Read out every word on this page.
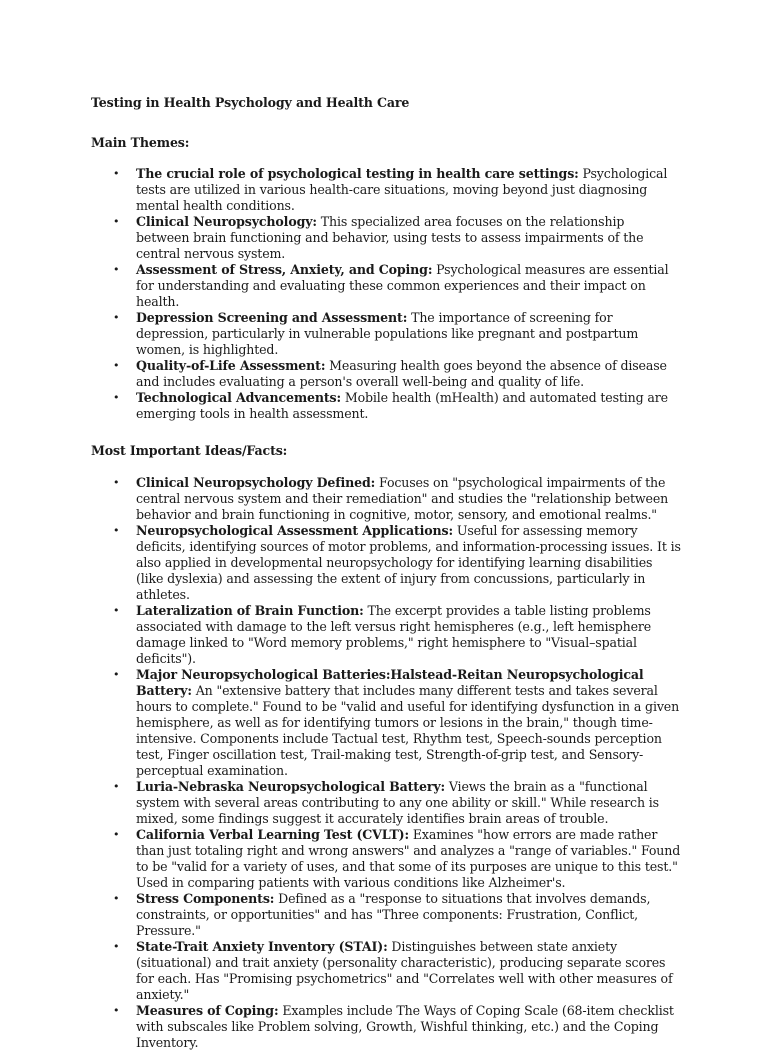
Testing in Health Psychology and Health Care
Main Themes:
• The crucial role of psychological testing in health care settings: Psychological tests are utilized in various health-care situations, moving beyond just diagnosing mental health conditions.
• Clinical Neuropsychology: This specialized area focuses on the relationship between brain functioning and behavior, using tests to assess impairments of the central nervous system.
• Assessment of Stress, Anxiety, and Coping: Psychological measures are essential for understanding and evaluating these common experiences and their impact on health.
• Depression Screening and Assessment: The importance of screening for depression, particularly in vulnerable populations like pregnant and postpartum women, is highlighted.
• Quality-of-Life Assessment: Measuring health goes beyond the absence of disease and includes evaluating a person's overall well-being and quality of life.
• Technological Advancements: Mobile health (mHealth) and automated testing are emerging tools in health assessment.
Most Important Ideas/Facts:
• Clinical Neuropsychology Defined: Focuses on "psychological impairments of the central nervous system and their remediation" and studies the "relationship between behavior and brain functioning in cognitive, motor, sensory, and emotional realms."
• Neuropsychological Assessment Applications: Useful for assessing memory deficits, identifying sources of motor problems, and information-processing issues. It is also applied in developmental neuropsychology for identifying learning disabilities (like dyslexia) and assessing the extent of injury from concussions, particularly in athletes.
• Lateralization of Brain Function: The excerpt provides a table listing problems associated with damage to the left versus right hemispheres (e.g., left hemisphere damage linked to "Word memory problems," right hemisphere to "Visual–spatial deficits").
• Major Neuropsychological Batteries:Halstead-Reitan Neuropsychological Battery: An "extensive battery that includes many different tests and takes several hours to complete." Found to be "valid and useful for identifying dysfunction in a given hemisphere, as well as for identifying tumors or lesions in the brain," though time-intensive. Components include Tactual test, Rhythm test, Speech-sounds perception test, Finger oscillation test, Trail-making test, Strength-of-grip test, and Sensory-perceptual examination.
• Luria-Nebraska Neuropsychological Battery: Views the brain as a "functional system with several areas contributing to any one ability or skill." While research is mixed, some findings suggest it accurately identifies brain areas of trouble.
• California Verbal Learning Test (CVLT): Examines "how errors are made rather than just totaling right and wrong answers" and analyzes a "range of variables." Found to be "valid for a variety of uses, and that some of its purposes are unique to this test." Used in comparing patients with various conditions like Alzheimer's.
• Stress Components: Defined as a "response to situations that involves demands, constraints, or opportunities" and has "Three components: Frustration, Conflict, Pressure."
• State-Trait Anxiety Inventory (STAI): Distinguishes between state anxiety (situational) and trait anxiety (personality characteristic), producing separate scores for each. Has "Promising psychometrics" and "Correlates well with other measures of anxiety."
• Measures of Coping: Examples include The Ways of Coping Scale (68-item checklist with subscales like Problem solving, Growth, Wishful thinking, etc.) and the Coping Inventory.
